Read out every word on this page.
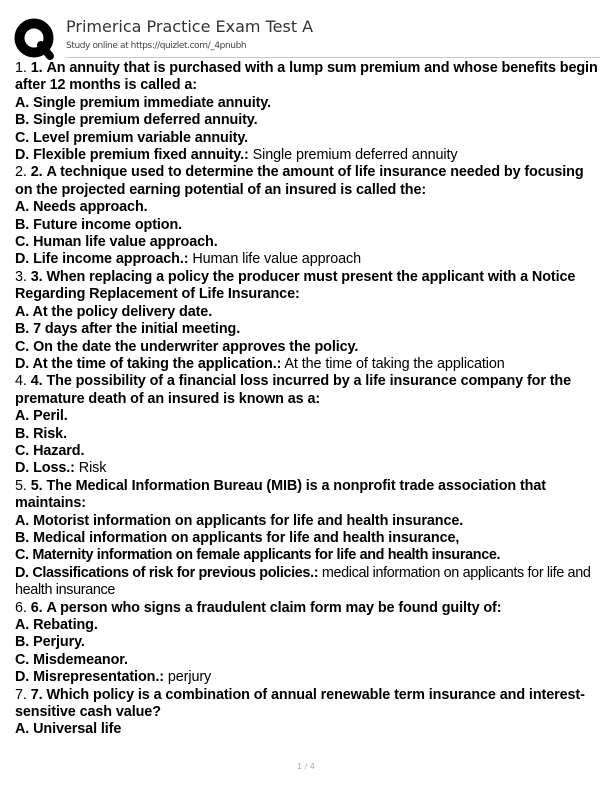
Primerica Practice Exam Test A
Study online at https://quizlet.com/_4pnubh

1. 1. An annuity that is purchased with a lump sum premium and whose benefits begin after 12 months is called a:

A. Single premium immediate annuity.

B. Single premium deferred annuity.

C. Level premium variable annuity.

D. Flexible premium fixed annuity.: Single premium deferred annuity

2. 2. A technique used to determine the amount of life insurance needed by focusing on the projected earning potential of an insured is called the:

A. Needs approach.

B. Future income option.

C. Human life value approach.

D. Life income approach.: Human life value approach

3. 3. When replacing a policy the producer must present the applicant with a Notice Regarding Replacement of Life Insurance:

A. At the policy delivery date.

B. 7 days after the initial meeting.

C. On the date the underwriter approves the policy.

D. At the time of taking the application.: At the time of taking the application

4. 4. The possibility of a financial loss incurred by a life insurance company for the premature death of an insured is known as a:

A. Peril.

B. Risk.

C. Hazard.

D. Loss.: Risk

5. 5. The Medical Information Bureau (MIB) is a nonprofit trade association that maintains:

A. Motorist information on applicants for life and health insurance.

B. Medical information on applicants for life and health insurance,

C. Maternity information on female applicants for life and health insurance.

D. Classifications of risk for previous policies.: medical information on applicants for life and health insurance

6. 6. A person who signs a fraudulent claim form may be found guilty of:

A. Rebating.

B. Perjury.

C. Misdemeanor.

D. Misrepresentation.: perjury

7. 7. Which policy is a combination of annual renewable term insurance and interest-sensitive cash value?

A. Universal life

1 / 4
